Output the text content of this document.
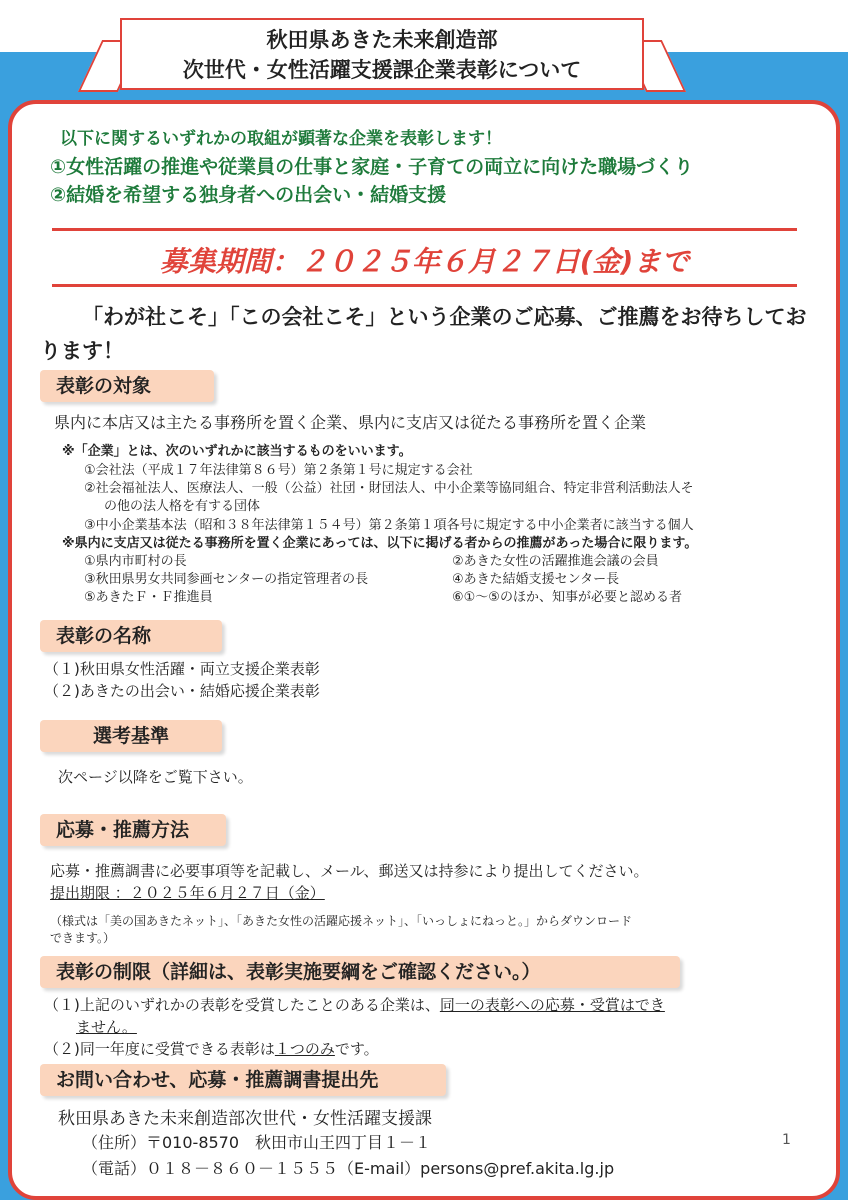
秋田県あきた未来創造部
次世代・女性活躍支援課企業表彰について
以下に関するいずれかの取組が顕著な企業を表彰します！
①女性活躍の推進や従業員の仕事と家庭・子育ての両立に向けた職場づくり
②結婚を希望する独身者への出会い・結婚支援
募集期間：２０２５年６月２７日(金)まで
「わが社こそ」「この会社こそ」という企業のご応募、ご推薦をお待ちしております！
表彰の対象
県内に本店又は主たる事務所を置く企業、県内に支店又は従たる事務所を置く企業
※「企業」とは、次のいずれかに該当するものをいいます。
①会社法（平成１７年法律第８６号）第２条第１号に規定する会社
②社会福祉法人、医療法人、一般（公益）社団・財団法人、中小企業等協同組合、特定非営利活動法人そ
の他の法人格を有する団体
③中小企業基本法（昭和３８年法律第１５４号）第２条第１項各号に規定する中小企業者に該当する個人
※県内に支店又は従たる事務所を置く企業にあっては、以下に掲げる者からの推薦があった場合に限ります。
①県内市町村の長	②あきた女性の活躍推進会議の会員
③秋田県男女共同参画センターの指定管理者の長	④あきた結婚支援センター長
⑤あきたＦ・Ｆ推進員	⑥①～⑤のほか、知事が必要と認める者
表彰の名称
（１)秋田県女性活躍・両立支援企業表彰
（２)あきたの出会い・結婚応援企業表彰
選考基準
次ページ以降をご覧下さい。
応募・推薦方法
応募・推薦調書に必要事項等を記載し、メール、郵送又は持参により提出してください。
提出期限 ：２０２５年６月２７日（金）
（様式は「美の国あきたネット」、「あきた女性の活躍応援ネット」、「いっしょにねっと。」からダウンロード
できます。）
表彰の制限（詳細は、表彰実施要綱をご確認ください。）
（１)上記のいずれかの表彰を受賞したことのある企業は、同一の表彰への応募・受賞はでき
ません。
（２)同一年度に受賞できる表彰は１つのみです。
お問い合わせ、応募・推薦調書提出先
秋田県あきた未来創造部次世代・女性活躍支援課
（住所）〒010-8570　秋田市山王四丁目１－１
（電話）０１８－８６０－１５５５（E-mail）persons@pref.akita.lg.jp
1
